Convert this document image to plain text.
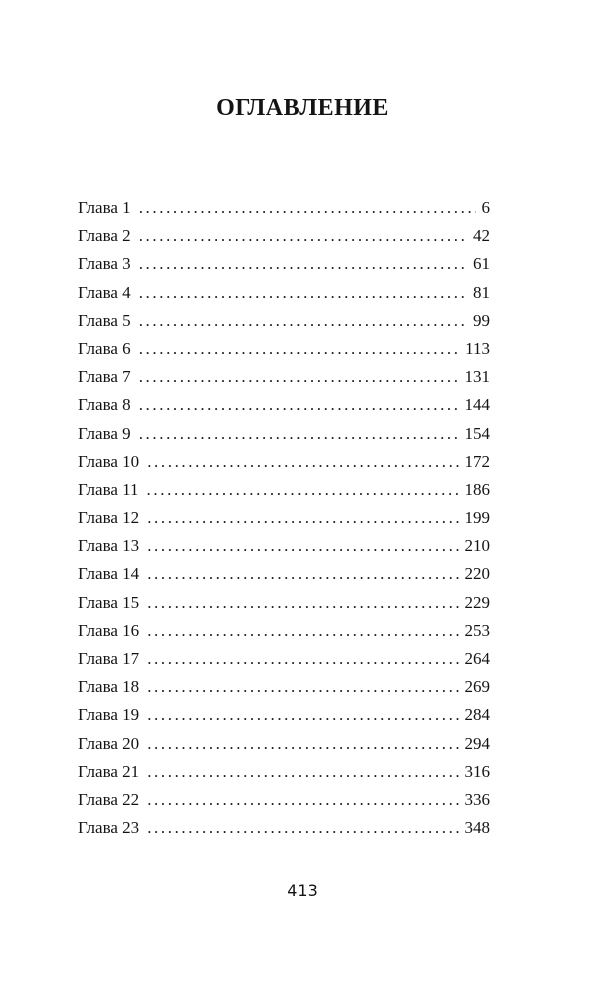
ОГЛАВЛЕНИЕ
Глава 1 .....	6
Глава 2 .....	42
Глава 3 .....	61
Глава 4 .....	81
Глава 5 .....	99
Глава 6 .....	113
Глава 7 .....	131
Глава 8 .....	144
Глава 9 .....	154
Глава 10 .....	172
Глава 11 .....	186
Глава 12 .....	199
Глава 13 .....	210
Глава 14 .....	220
Глава 15 .....	229
Глава 16 .....	253
Глава 17 .....	264
Глава 18 .....	269
Глава 19 .....	284
Глава 20 .....	294
Глава 21 .....	316
Глава 22 .....	336
Глава 23 .....	348
413
